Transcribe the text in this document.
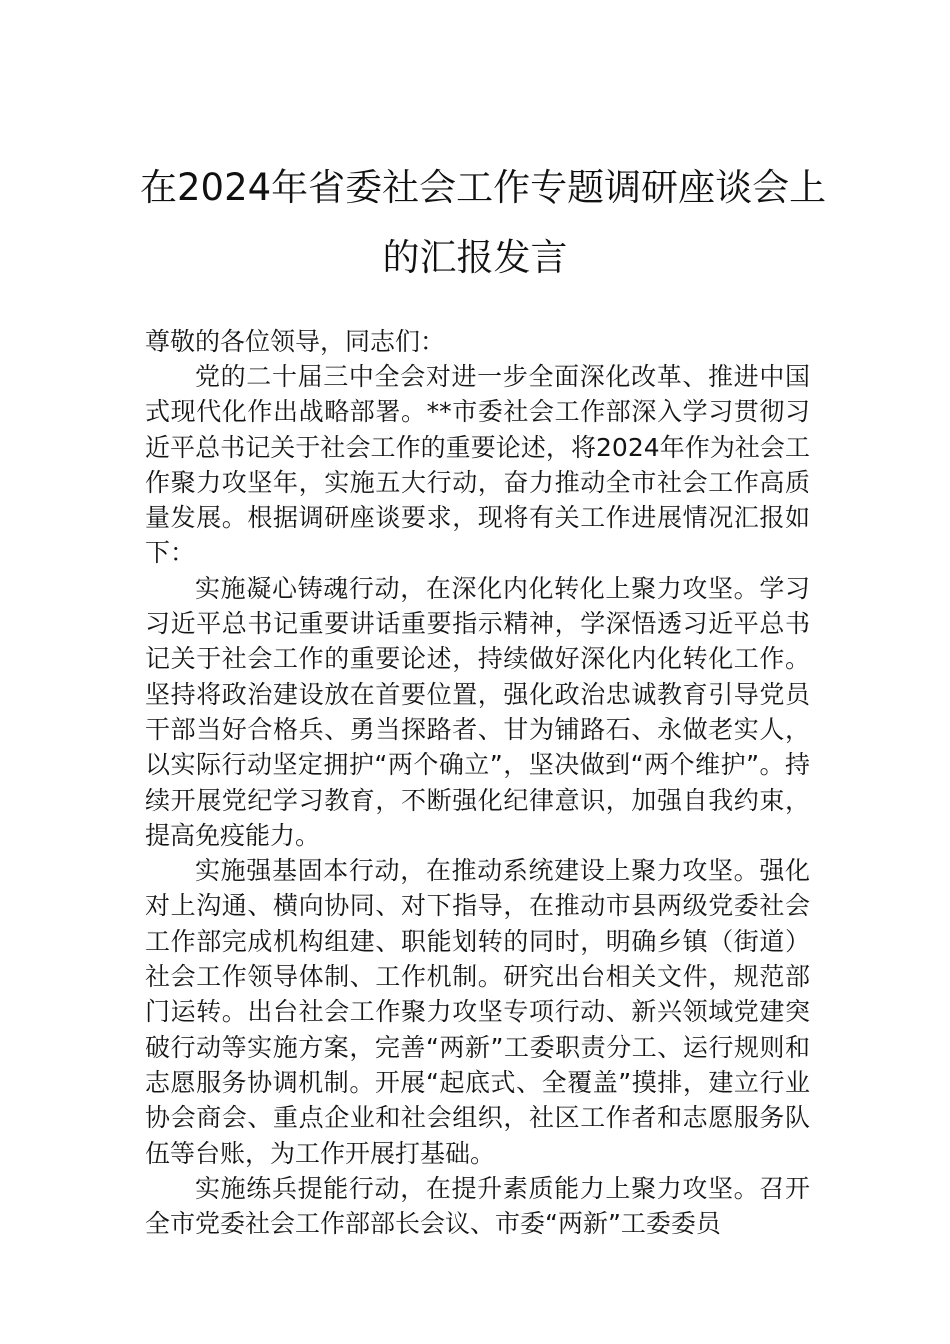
在2024年省委社会工作专题调研座谈会上
的汇报发言
尊敬的各位领导，同志们：

党的二十届三中全会对进一步全面深化改革、推进中国式现代化作出战略部署。**市委社会工作部深入学习贯彻习近平总书记关于社会工作的重要论述，将2024年作为社会工作聚力攻坚年，实施五大行动，奋力推动全市社会工作高质量发展。根据调研座谈要求，现将有关工作进展情况汇报如下：

实施凝心铸魂行动，在深化内化转化上聚力攻坚。学习习近平总书记重要讲话重要指示精神，学深悟透习近平总书记关于社会工作的重要论述，持续做好深化内化转化工作。坚持将政治建设放在首要位置，强化政治忠诚教育引导党员干部当好合格兵、勇当探路者、甘为铺路石、永做老实人，以实际行动坚定拥护“两个确立”，坚决做到“两个维护”。持续开展党纪学习教育，不断强化纪律意识，加强自我约束，提高免疫能力。

实施强基固本行动，在推动系统建设上聚力攻坚。强化对上沟通、横向协同、对下指导，在推动市县两级党委社会工作部完成机构组建、职能划转的同时，明确乡镇（街道）社会工作领导体制、工作机制。研究出台相关文件，规范部门运转。出台社会工作聚力攻坚专项行动、新兴领域党建突破行动等实施方案，完善“两新”工委职责分工、运行规则和志愿服务协调机制。开展“起底式、全覆盖”摸排，建立行业协会商会、重点企业和社会组织，社区工作者和志愿服务队伍等台账，为工作开展打基础。

实施练兵提能行动，在提升素质能力上聚力攻坚。召开全市党委社会工作部部长会议、市委“两新”工委委员
